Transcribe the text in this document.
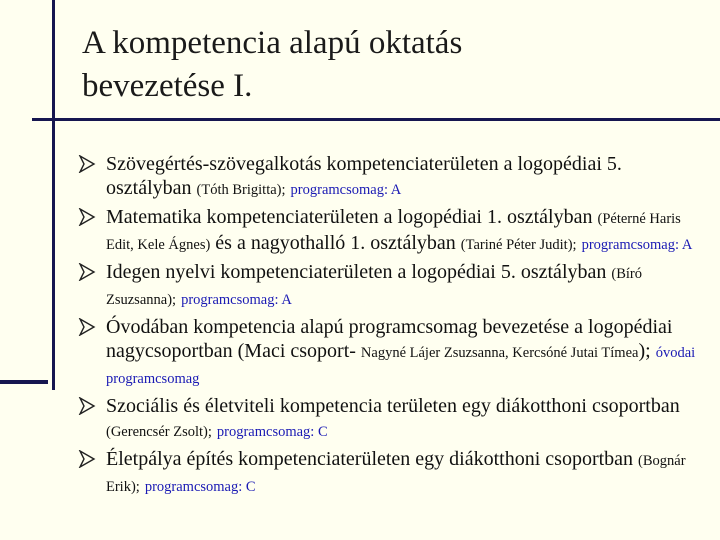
A kompetencia alapú oktatás
bevezetése I.
Szövegértés-szövegalkotás kompetenciaterületen a logopédiai 5. osztályban (Tóth Brigitta); programcsomag: A
Matematika kompetenciaterületen a logopédiai 1. osztályban (Péterné Haris Edit, Kele Ágnes) és a nagyothalló 1. osztályban (Tariné Péter Judit); programcsomag: A
Idegen nyelvi kompetenciaterületen a logopédiai 5. osztályban (Bíró Zsuzsanna); programcsomag: A
Óvodában kompetencia alapú programcsomag bevezetése a logopédiai nagycsoportban (Maci csoport- Nagyné Lájer Zsuzsanna, Kercsóné Jutai Tímea); óvodai programcsomag
Szociális és életviteli kompetencia területen egy diákotthoni csoportban (Gerencsér Zsolt); programcsomag: C
Életpálya építés kompetenciaterületen egy diákotthoni csoportban (Bognár Erik); programcsomag: C
